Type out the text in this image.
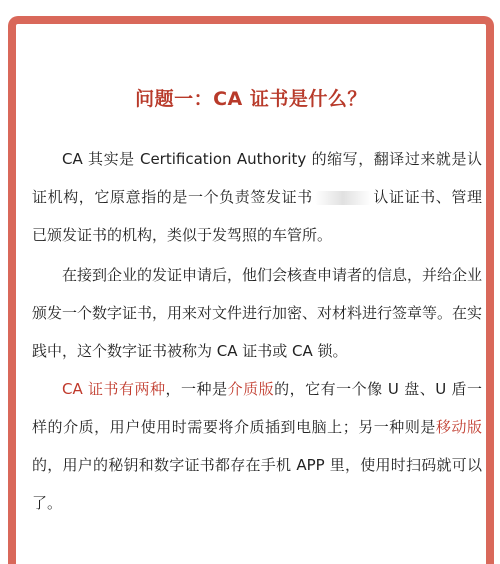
问题一：CA 证书是什么？

CA 其实是 Certification Authority 的缩写，翻译过来就是认证机构，它原意指的是一个负责签发证书	认证证书、管理已颁发证书的机构，类似于发驾照的车管所。

在接到企业的发证申请后，他们会核查申请者的信息，并给企业颁发一个数字证书，用来对文件进行加密、对材料进行签章等。在实践中，这个数字证书被称为 CA 证书或 CA 锁。

CA 证书有两种，一种是介质版的，它有一个像 U 盘、U 盾一样的介质，用户使用时需要将介质插到电脑上；另一种则是移动版的，用户的秘钥和数字证书都存在手机 APP 里，使用时扫码就可以了。
